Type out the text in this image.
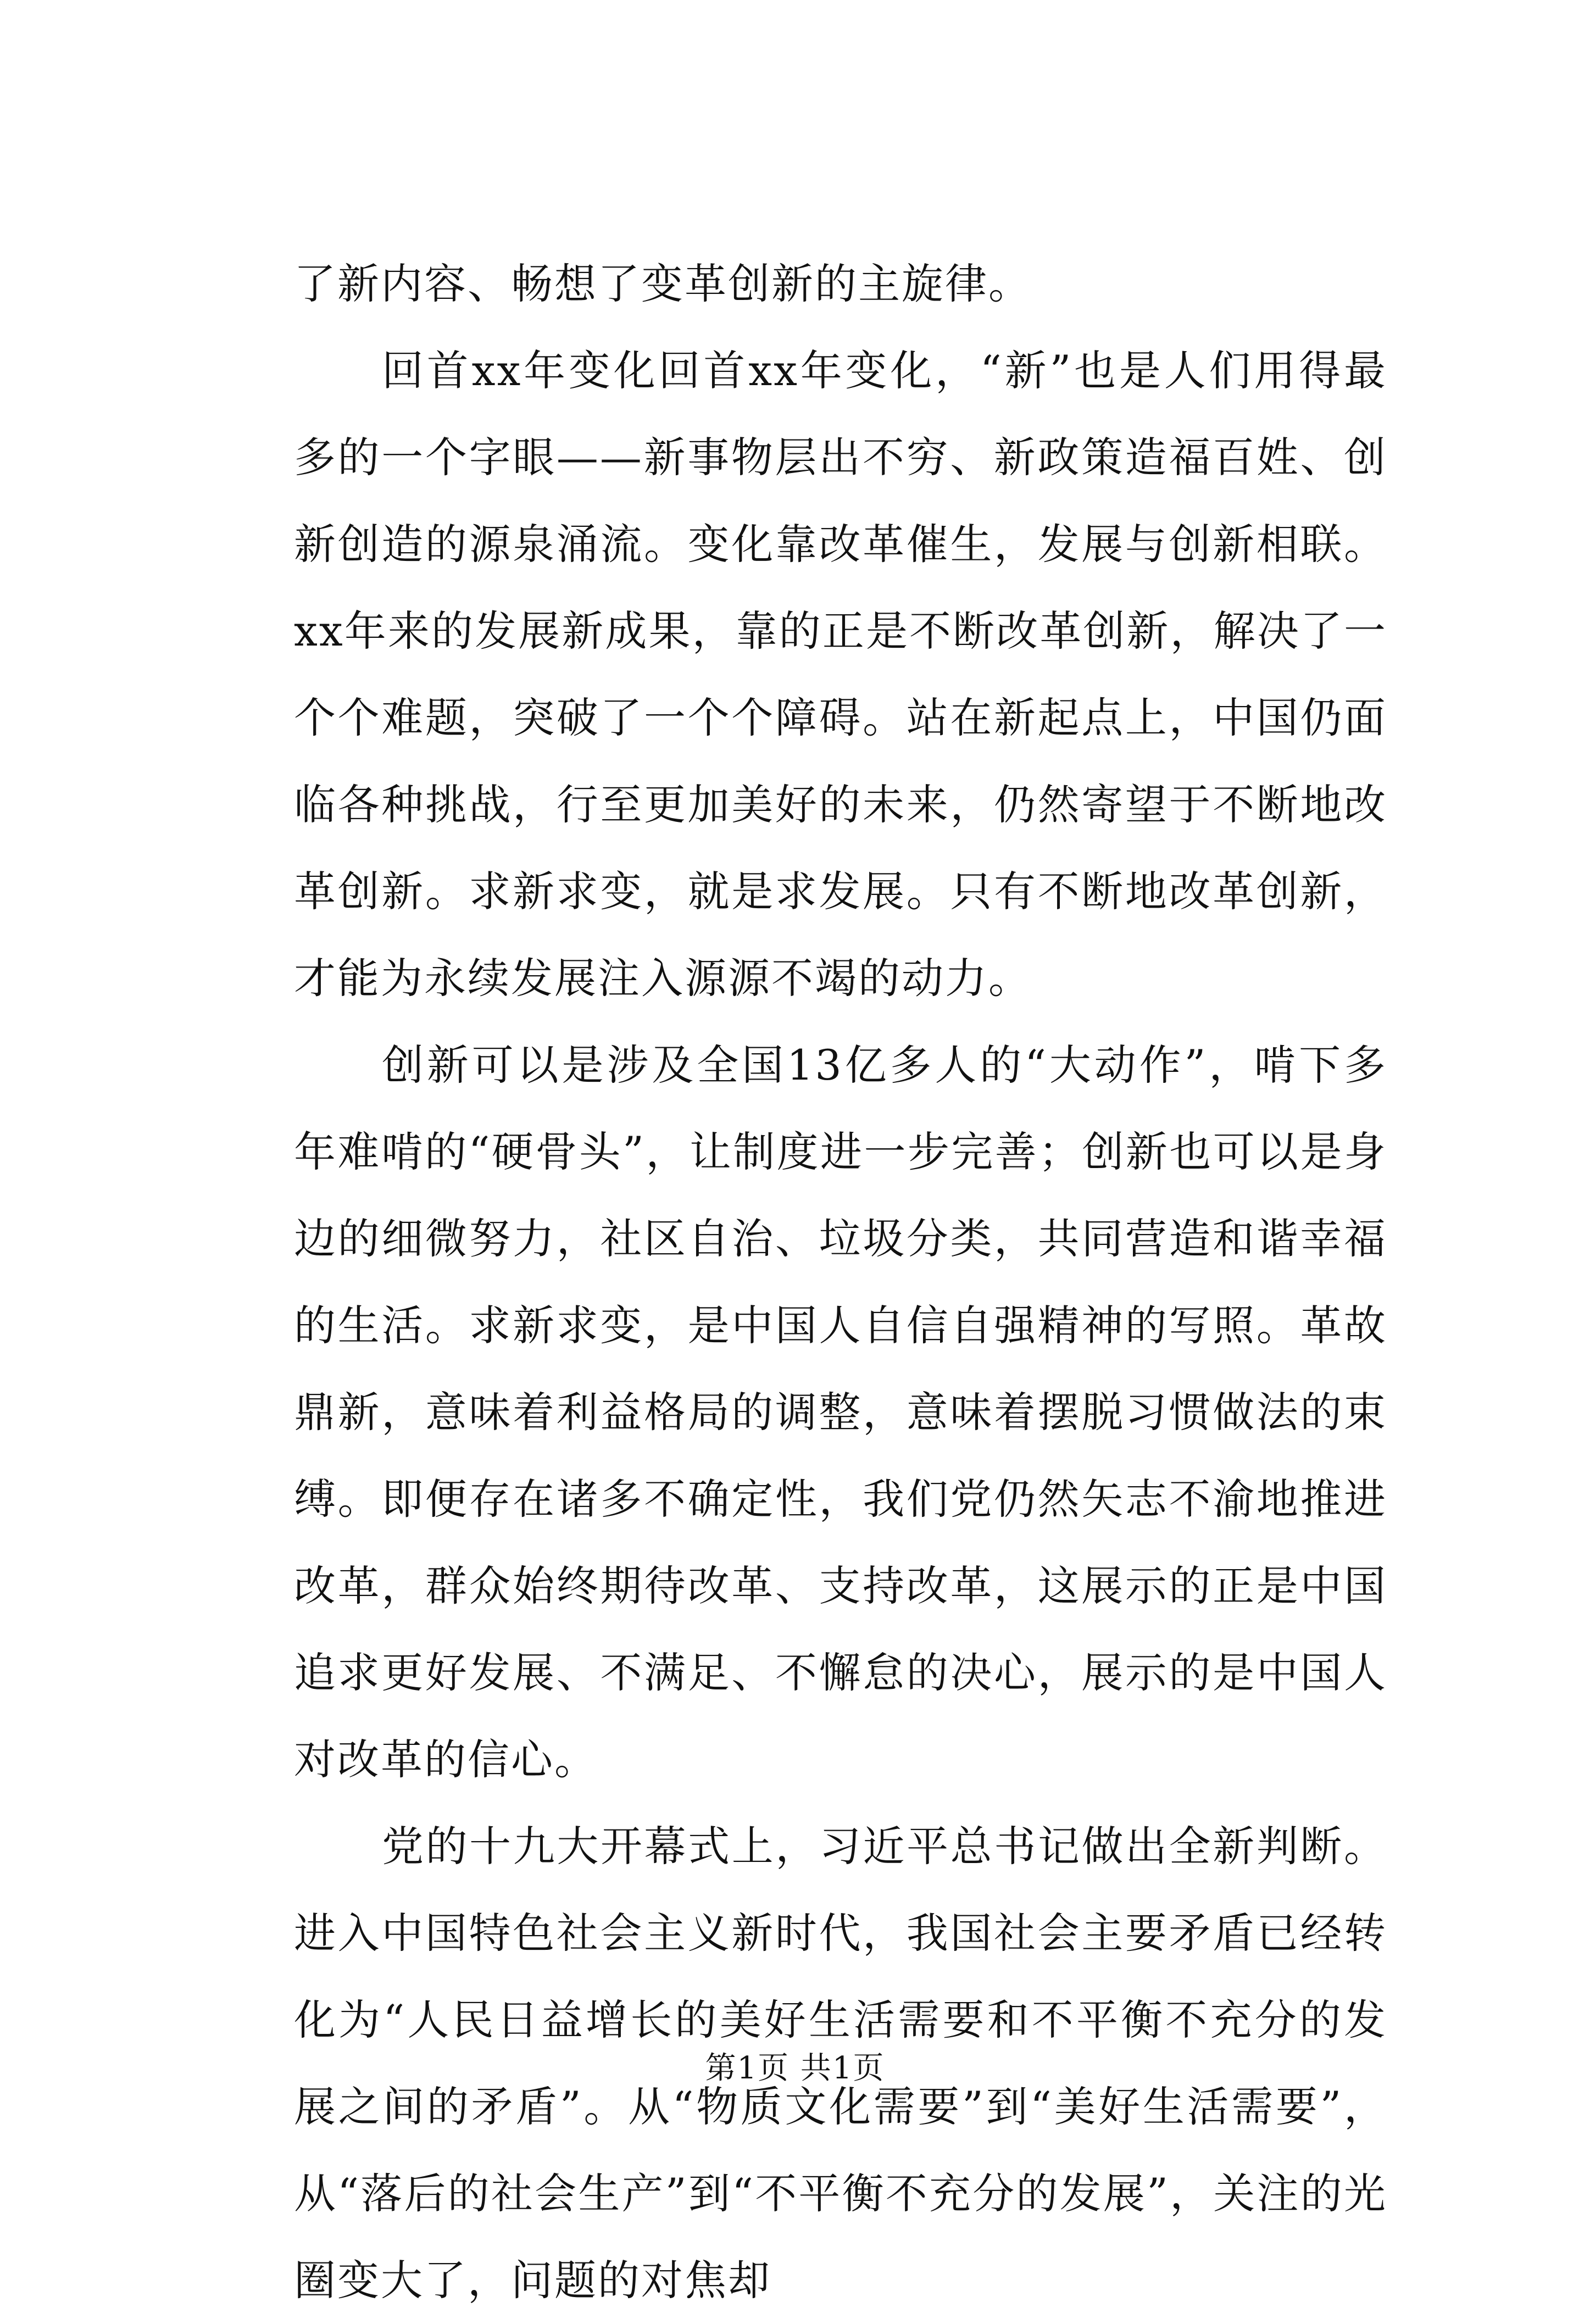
了新内容、畅想了变革创新的主旋律。

回首xx年变化回首xx年变化，“新”也是人们用得最多的一个字眼——新事物层出不穷、新政策造福百姓、创新创造的源泉涌流。变化靠改革催生，发展与创新相联。xx年来的发展新成果，靠的正是不断改革创新，解决了一个个难题，突破了一个个障碍。站在新起点上，中国仍面临各种挑战，行至更加美好的未来，仍然寄望于不断地改革创新。求新求变，就是求发展。只有不断地改革创新，才能为永续发展注入源源不竭的动力。

创新可以是涉及全国13亿多人的“大动作”，啃下多年难啃的“硬骨头”，让制度进一步完善；创新也可以是身边的细微努力，社区自治、垃圾分类，共同营造和谐幸福的生活。求新求变，是中国人自信自强精神的写照。革故鼎新，意味着利益格局的调整，意味着摆脱习惯做法的束缚。即便存在诸多不确定性，我们党仍然矢志不渝地推进改革，群众始终期待改革、支持改革，这展示的正是中国追求更好发展、不满足、不懈怠的决心，展示的是中国人对改革的信心。

党的十九大开幕式上，习近平总书记做出全新判断。进入中国特色社会主义新时代，我国社会主要矛盾已经转化为“人民日益增长的美好生活需要和不平衡不充分的发展之间的矛盾”。从“物质文化需要”到“美好生活需要”，从“落后的社会生产”到“不平衡不充分的发展”，关注的光圈变大了，问题的对焦却

第1页 共1页
